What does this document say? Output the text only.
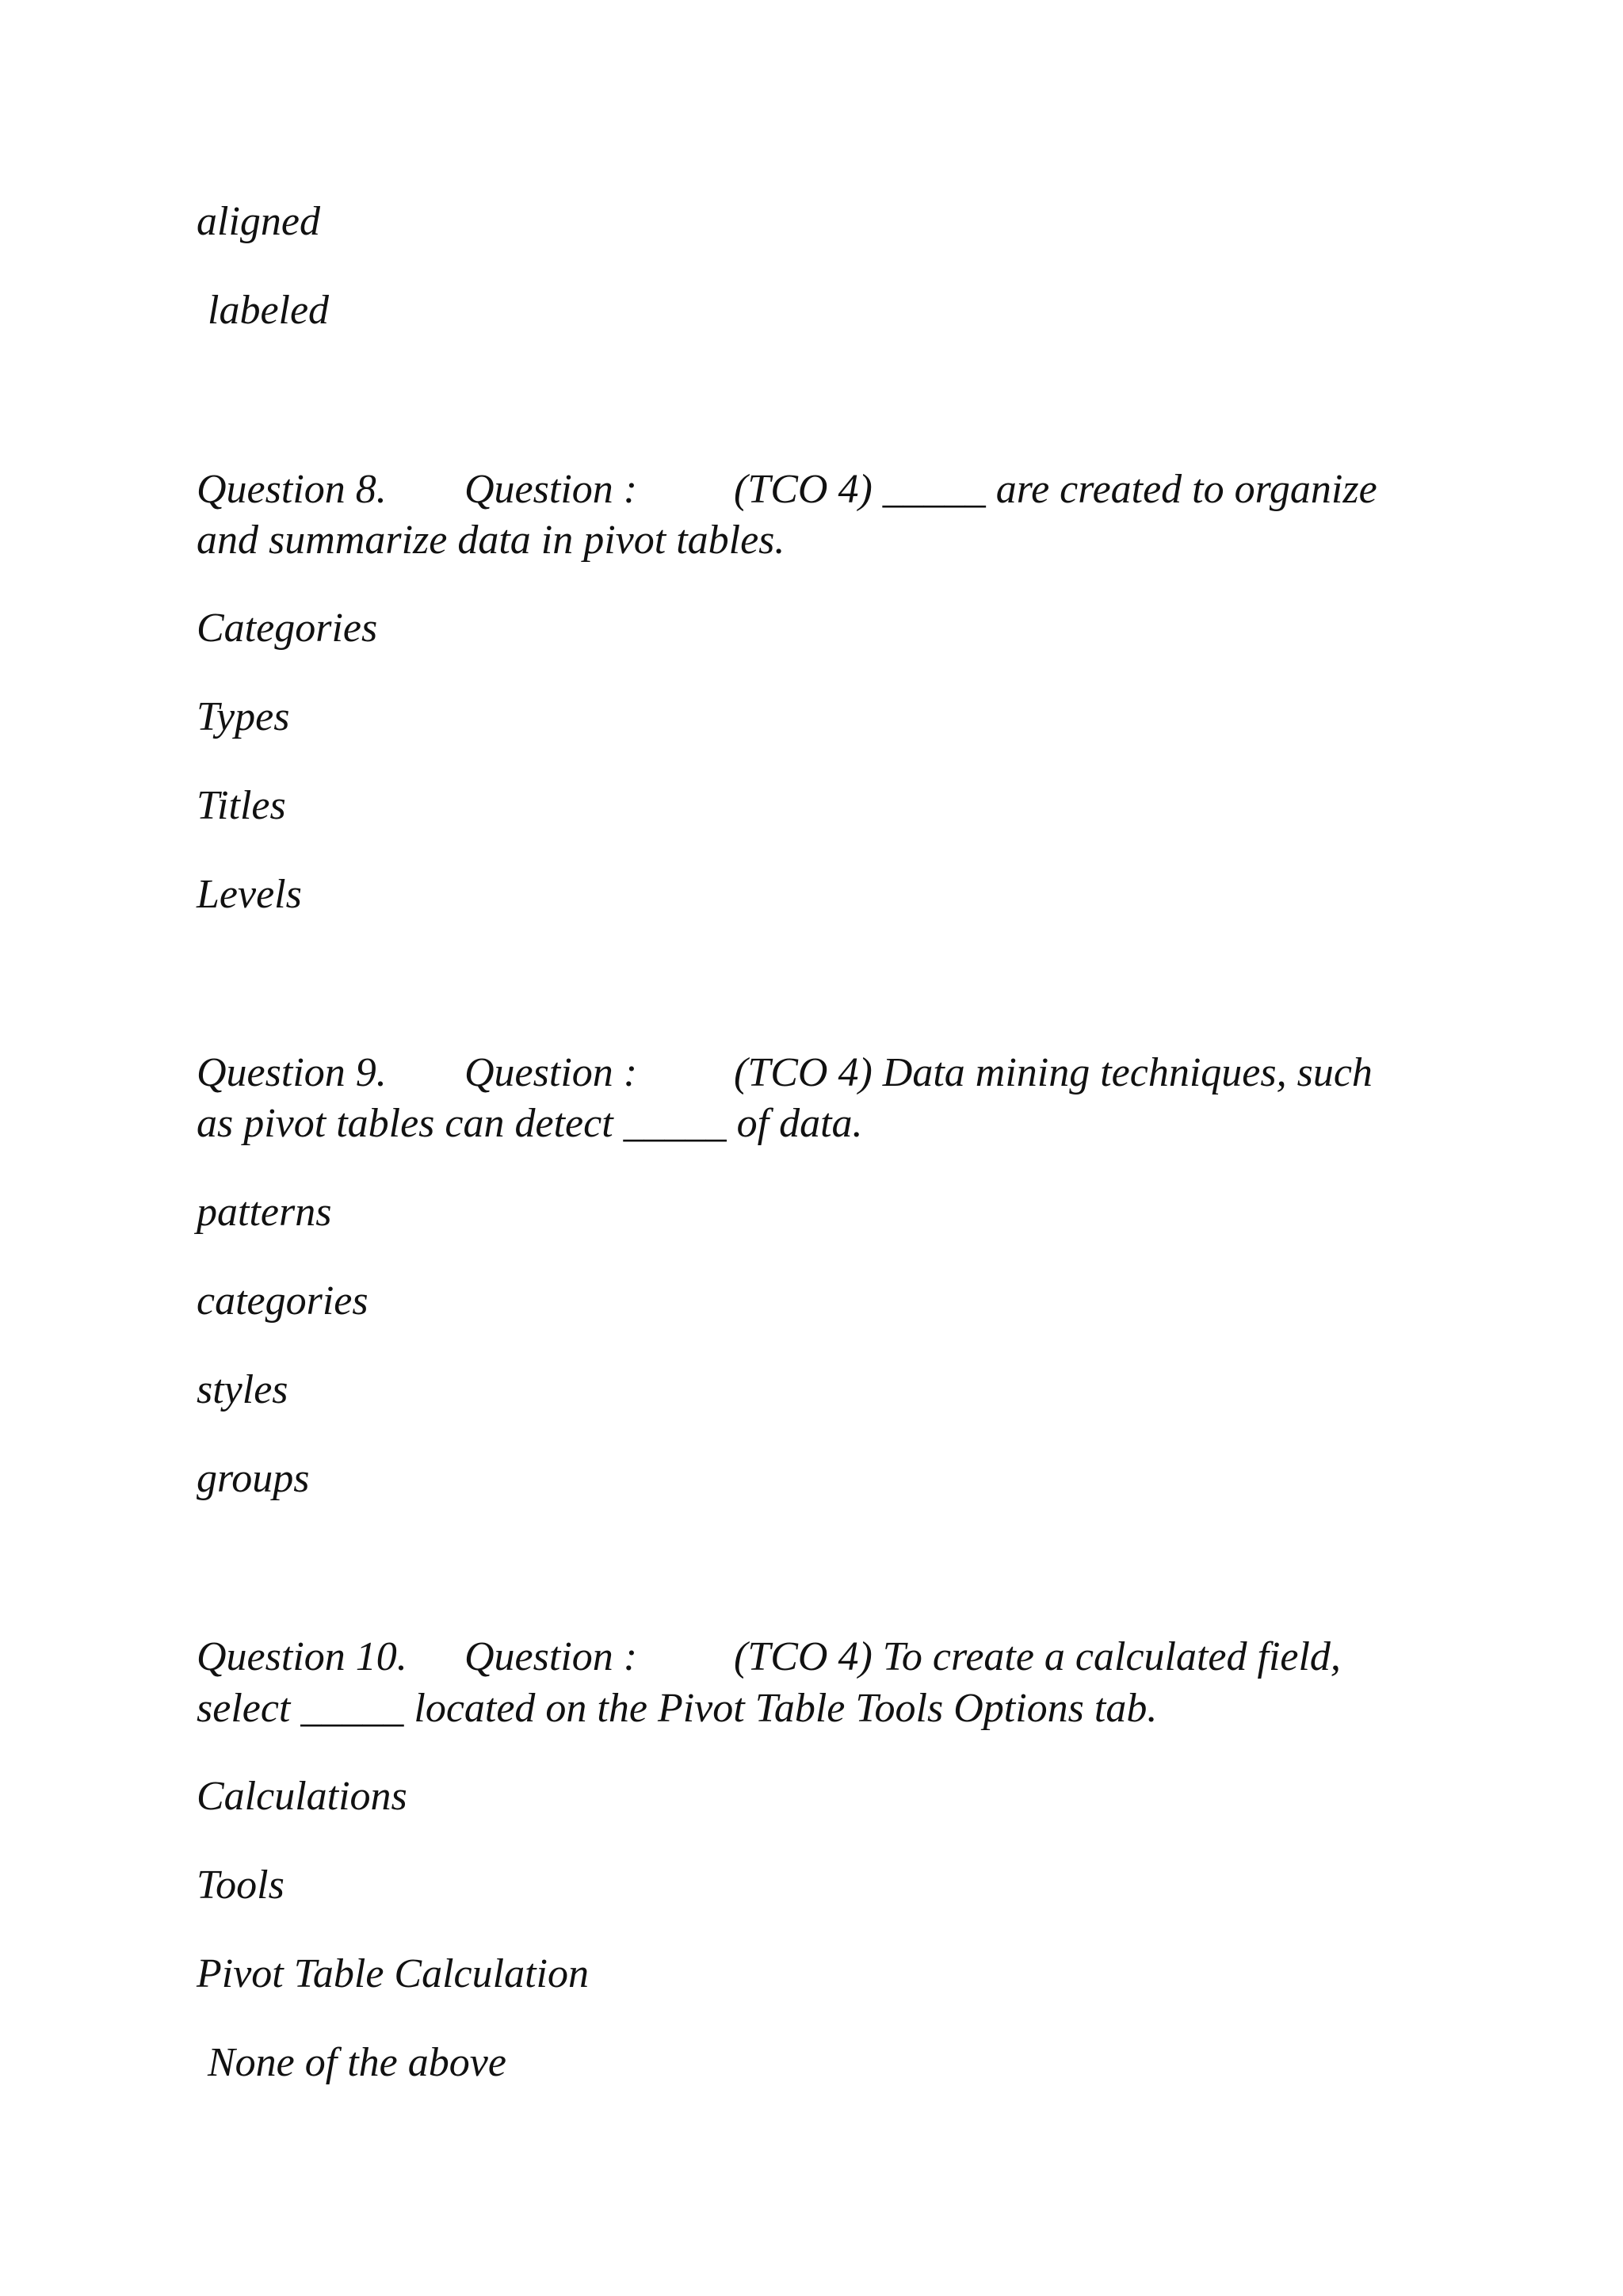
aligned
labeled
Question 8. Question : (TCO 4) _____ are created to organize
and summarize data in pivot tables.
Categories
Types
Titles
Levels
Question 9. Question : (TCO 4) Data mining techniques, such
as pivot tables can detect _____ of data.
patterns
categories
styles
groups
Question 10. Question : (TCO 4) To create a calculated field,
select _____ located on the Pivot Table Tools Options tab.
Calculations
Tools
Pivot Table Calculation
None of the above
